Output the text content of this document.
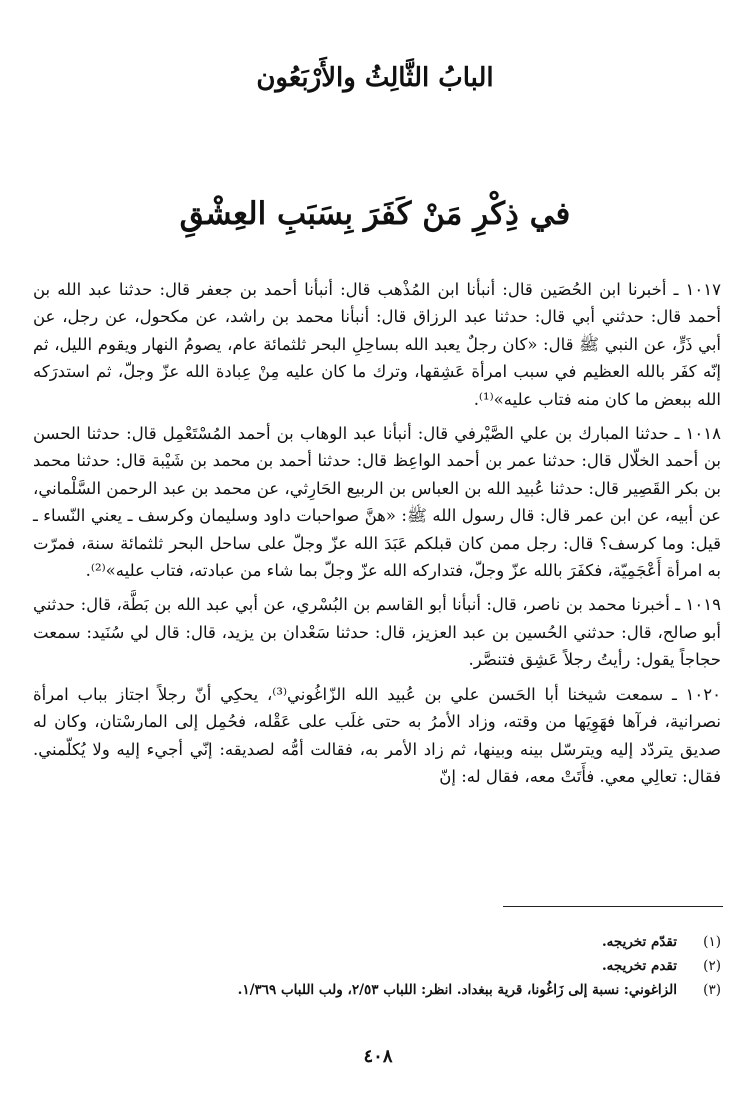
البابُ الثَّالِثُ والأَرْبَعُون
في ذِكْرِ مَنْ كَفَرَ بِسَبَبِ العِشْقِ

١٠١٧ ـ أخبرنا ابن الحُصَين قال: أنبأنا ابن المُذْهب قال: أنبأنا أحمد بن جعفر قال: حدثنا عبد الله بن أحمد قال: حدثني أبي قال: حدثنا عبد الرزاق قال: أنبأنا محمد بن راشد، عن مكحول، عن رجل، عن أبي ذَرٍّ، عن النبي ﷺ قال: «كان رجلٌ يعبد الله بساحِلِ البحر ثلثمائة عام، يصومُ النهار ويقوم الليل، ثم إنّه كفَر بالله العظيم في سبب امرأة عَشِقها، وترك ما كان عليه مِنْ عِبادة الله عزّ وجلّ، ثم استدرَكه الله ببعض ما كان منه فتاب عليه»⁽¹⁾.

١٠١٨ ـ حدثنا المبارك بن علي الصَّيْرفي قال: أنبأنا عبد الوهاب بن أحمد المُسْتَعْمِل قال: حدثنا الحسن بن أحمد الخلّال قال: حدثنا عمر بن أحمد الواعِظ قال: حدثنا أحمد بن محمد بن شَيْبة قال: حدثنا محمد بن بكر القَصِير قال: حدثنا عُبيد الله بن العباس بن الربيع الحَارِثي، عن محمد بن عبد الرحمن السَّلْماني، عن أبيه، عن ابن عمر قال: قال رسول الله ﷺ: «هنَّ صواحبات داود وسليمان وكرسف ـ يعني النّساء ـ قيل: وما كرسف؟ قال: رجل ممن كان قبلكم عَبَدَ الله عزّ وجلّ على ساحل البحر ثلثمائة سنة، فمرّت به امرأة أَعْجَمِيّة، فكفَرَ بالله عزّ وجلّ، فتداركه الله عزّ وجلّ بما شاء من عبادته، فتاب عليه»⁽²⁾.

١٠١٩ ـ أخبرنا محمد بن ناصر، قال: أنبأنا أبو القاسم بن البُسْري، عن أبي عبد الله بن بَطَّة، قال: حدثني أبو صالح، قال: حدثني الحُسين بن عبد العزيز، قال: حدثنا سَعْدان بن يزيد، قال: قال لي سُنَيد: سمعت حجاجاً يقول: رأيتُ رجلاً عَشِق فتنصَّر.

١٠٢٠ ـ سمعت شيخنا أبا الحَسن علي بن عُبيد الله الزّاغُوني⁽³⁾، يحكِي أنّ رجلاً اجتاز بباب امرأة نصرانية، فرآها فهَوِيَها من وقته، وزاد الأمرُ به حتى غلَب على عَقْله، فحُمِل إلى المارسْتان، وكان له صديق يتردّد إليه ويترسّل بينه وبينها، ثم زاد الأمر به، فقالت أمُّه لصديقه: إنّي أجيء إليه ولا يُكلّمني. فقال: تعالِي معي. فأَتَتْ معه، فقال له: إنّ

(١)
تقدّم تخريجه.
(٢)
تقدم تخريجه.
(٣)
الزاغوني: نسبة إلى زَاغُونا، قرية ببغداد. انظر: اللباب ٢/٥٣، ولب اللباب ١/٣٦٩.
٤٠٨
